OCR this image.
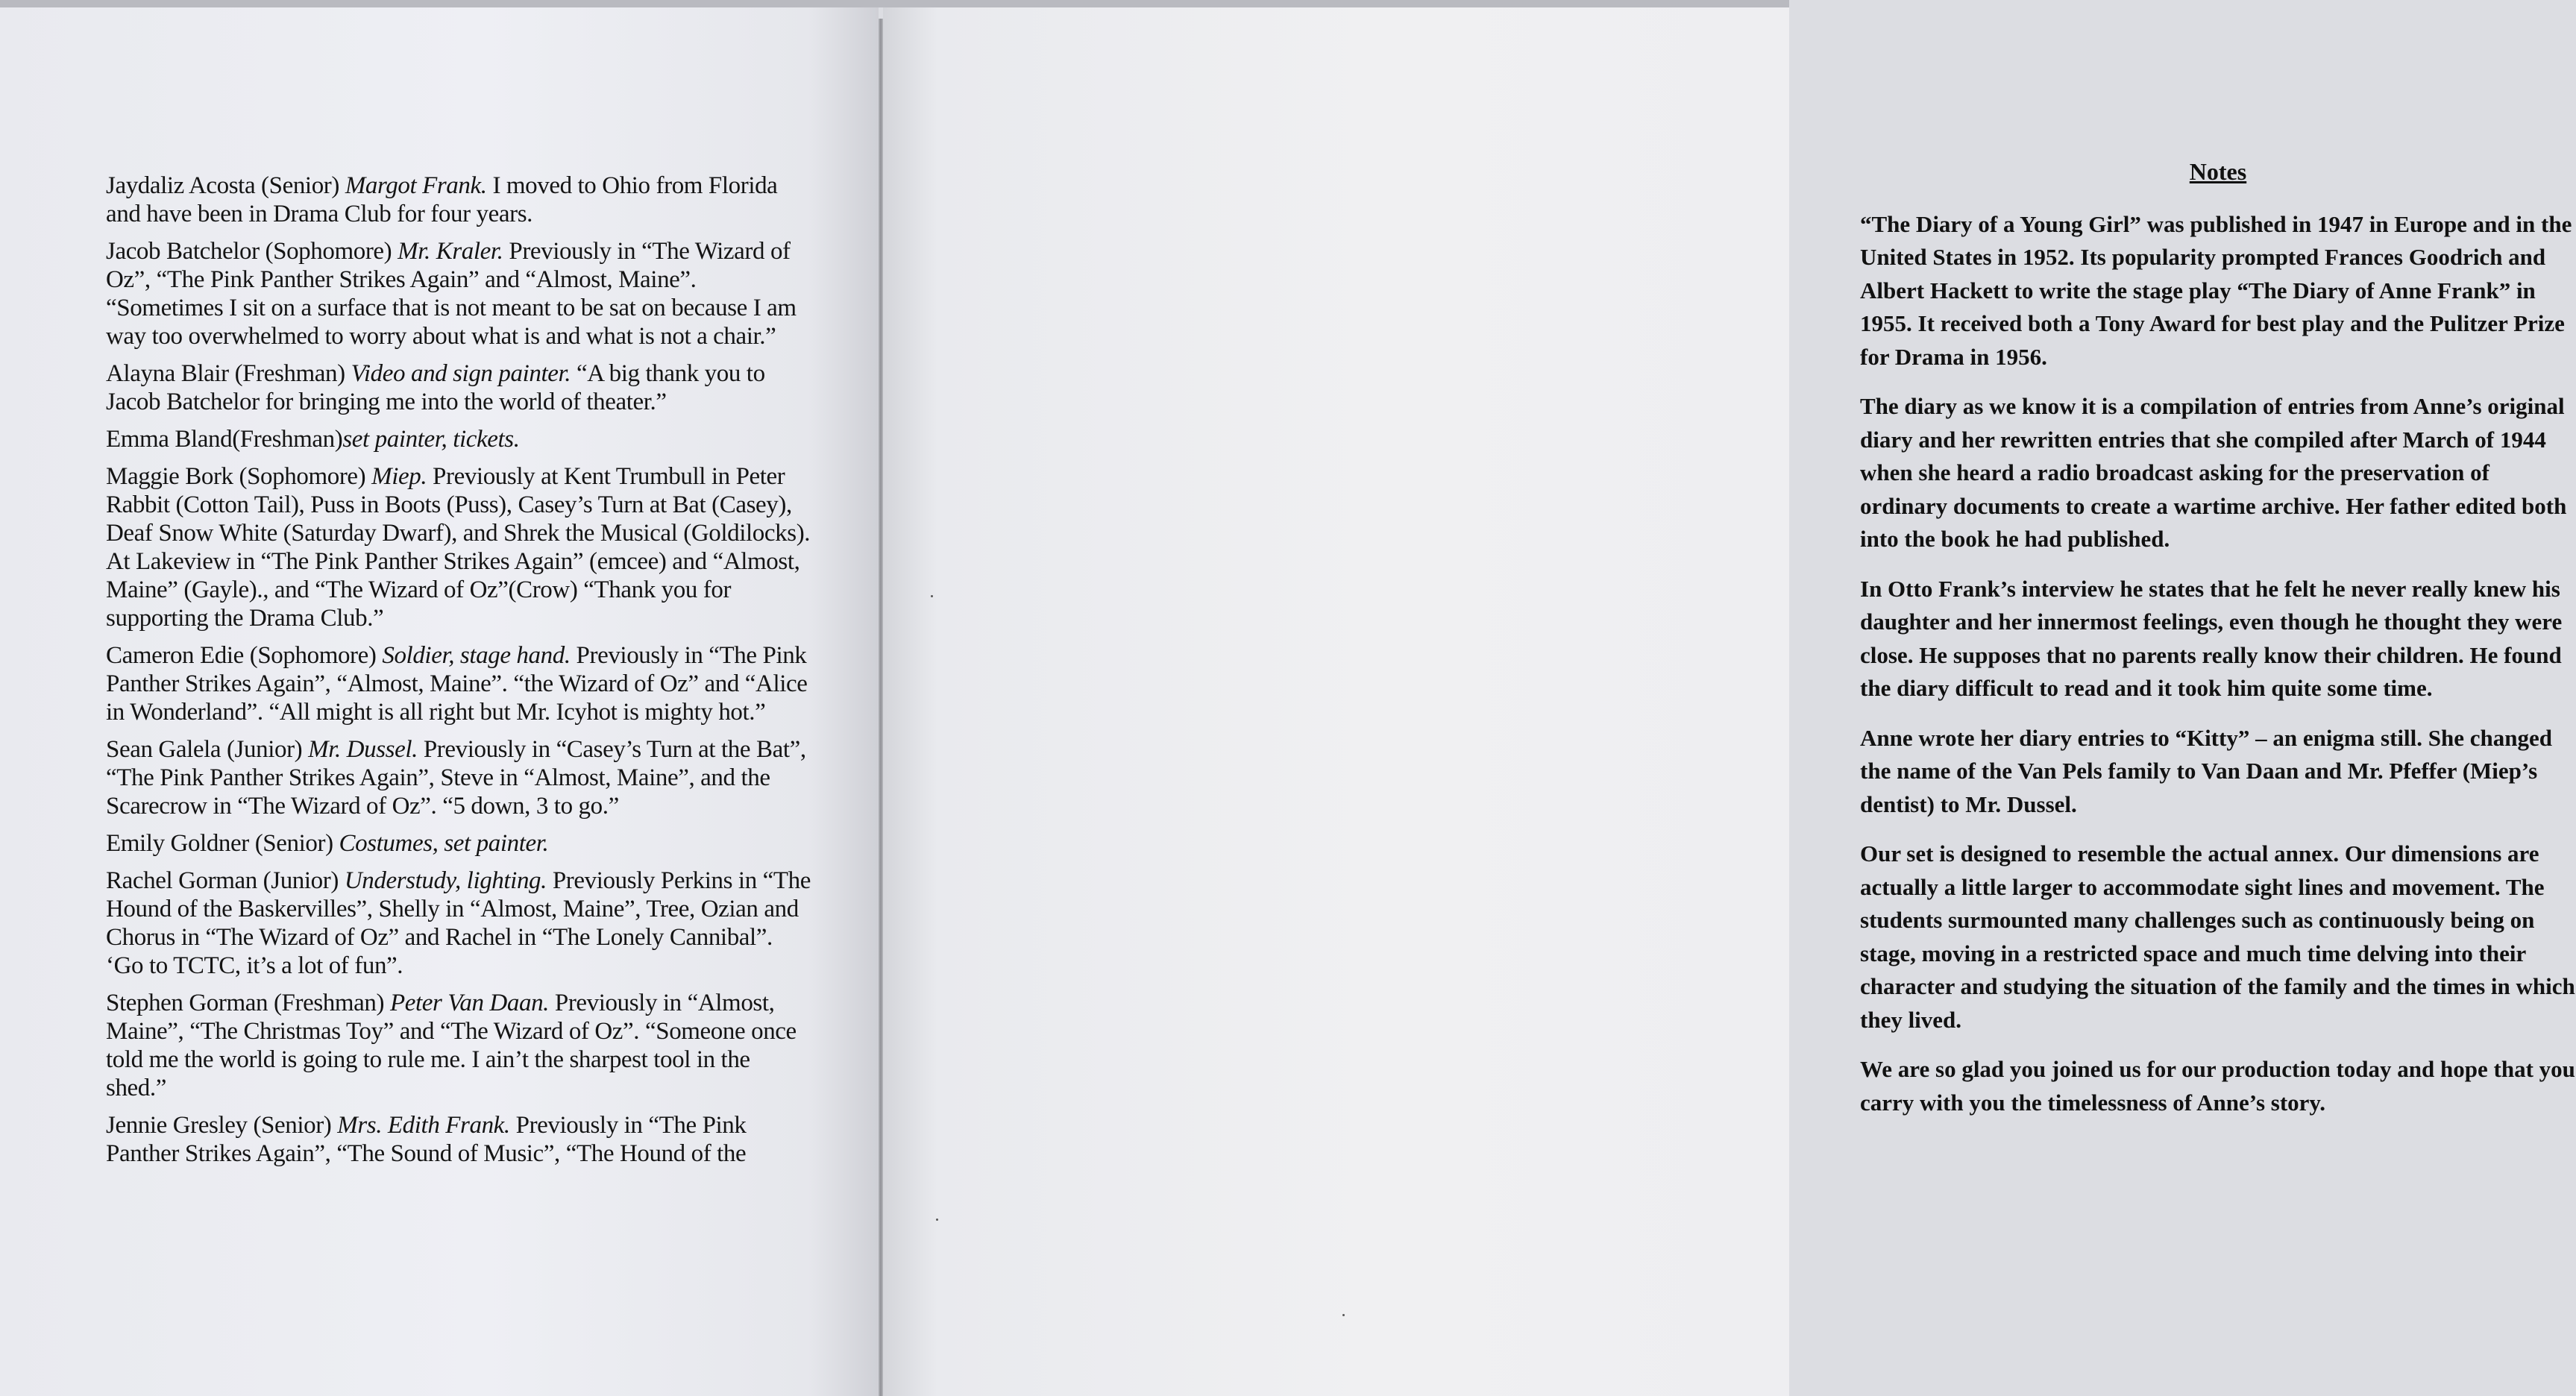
Jaydaliz Acosta (Senior) Margot Frank. I moved to Ohio from Florida and have been in Drama Club for four years.

Jacob Batchelor (Sophomore) Mr. Kraler. Previously in “The Wizard of Oz”, “The Pink Panther Strikes Again” and “Almost, Maine”. “Sometimes I sit on a surface that is not meant to be sat on because I am way too overwhelmed to worry about what is and what is not a chair.”

Alayna Blair (Freshman) Video and sign painter. “A big thank you to Jacob Batchelor for bringing me into the world of theater.”

Emma Bland(Freshman)set painter, tickets.

Maggie Bork (Sophomore) Miep. Previously at Kent Trumbull in Peter Rabbit (Cotton Tail), Puss in Boots (Puss), Casey’s Turn at Bat (Casey), Deaf Snow White (Saturday Dwarf), and Shrek the Musical (Goldilocks). At Lakeview in “The Pink Panther Strikes Again” (emcee) and “Almost, Maine” (Gayle)., and “The Wizard of Oz”(Crow) “Thank you for supporting the Drama Club.”

Cameron Edie (Sophomore) Soldier, stage hand. Previously in “The Pink Panther Strikes Again”, “Almost, Maine”. “the Wizard of Oz” and “Alice in Wonderland”. “All might is all right but Mr. Icyhot is mighty hot.”

Sean Galela (Junior) Mr. Dussel. Previously in “Casey’s Turn at the Bat”, “The Pink Panther Strikes Again”, Steve in “Almost, Maine”, and the Scarecrow in “The Wizard of Oz”. “5 down, 3 to go.”

Emily Goldner (Senior) Costumes, set painter.

Rachel Gorman (Junior) Understudy, lighting. Previously Perkins in “The Hound of the Baskervilles”, Shelly in “Almost, Maine”, Tree, Ozian and Chorus in “The Wizard of Oz” and Rachel in “The Lonely Cannibal”. ‘Go to TCTC, it’s a lot of fun”.

Stephen Gorman (Freshman) Peter Van Daan. Previously in “Almost, Maine”, “The Christmas Toy” and “The Wizard of Oz”. “Someone once told me the world is going to rule me. I ain’t the sharpest tool in the shed.”

Jennie Gresley (Senior) Mrs. Edith Frank. Previously in “The Pink Panther Strikes Again”, “The Sound of Music”, “The Hound of the

Notes

“The Diary of a Young Girl” was published in 1947 in Europe and in the United States in 1952. Its popularity prompted Frances Goodrich and Albert Hackett to write the stage play “The Diary of Anne Frank” in 1955. It received both a Tony Award for best play and the Pulitzer Prize for Drama in 1956.

The diary as we know it is a compilation of entries from Anne’s original diary and her rewritten entries that she compiled after March of 1944 when she heard a radio broadcast asking for the preservation of ordinary documents to create a wartime archive. Her father edited both into the book he had published.

In Otto Frank’s interview he states that he felt he never really knew his daughter and her innermost feelings, even though he thought they were close. He supposes that no parents really know their children. He found the diary difficult to read and it took him quite some time.

Anne wrote her diary entries to “Kitty” – an enigma still. She changed the name of the Van Pels family to Van Daan and Mr. Pfeffer (Miep’s dentist) to Mr. Dussel.

Our set is designed to resemble the actual annex. Our dimensions are actually a little larger to accommodate sight lines and movement. The students surmounted many challenges such as continuously being on stage, moving in a restricted space and much time delving into their character and studying the situation of the family and the times in which they lived.

We are so glad you joined us for our production today and hope that you carry with you the timelessness of Anne’s story.
